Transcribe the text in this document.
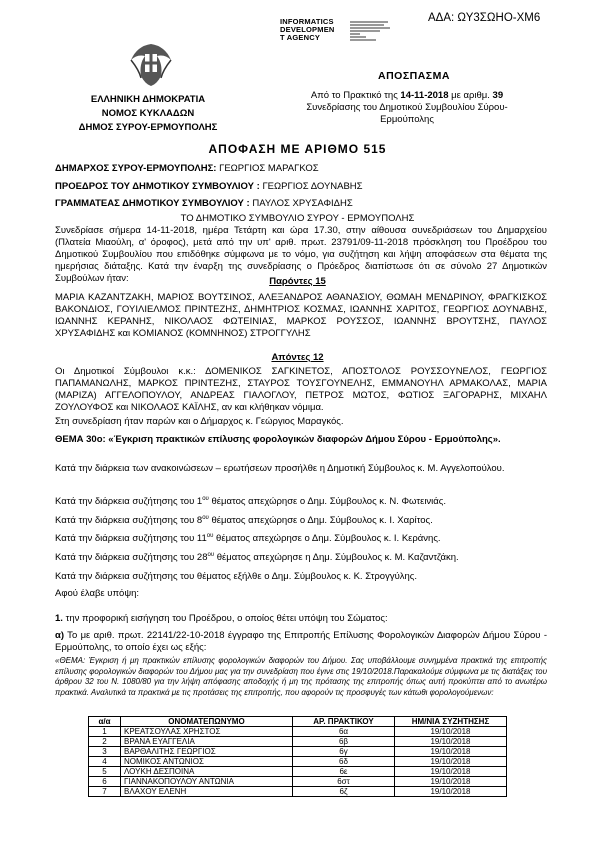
ΑΔΑ: ΩΥ3ΣΩΗΟ-ΧΜ6
ΕΛΛΗΝΙΚΗ ΔΗΜΟΚΡΑΤΙΑ
ΝΟΜΟΣ ΚΥΚΛΑΔΩΝ
ΔΗΜΟΣ ΣΥΡΟΥ-ΕΡΜΟΥΠΟΛΗΣ
INFORMATICS
DEVELOPMEN
T AGENCY
ΑΠΟΣΠΑΣΜΑ
Από το Πρακτικό της 14-11-2018 με αριθμ. 39
Συνεδρίασης του Δημοτικού Συμβουλίου Σύρου-
Ερμούπολης
ΑΠΟΦΑΣΗ ΜΕ ΑΡΙΘΜΟ 515
ΔΗΜΑΡΧΟΣ ΣΥΡΟΥ-ΕΡΜΟΥΠΟΛΗΣ: ΓΕΩΡΓΙΟΣ ΜΑΡΑΓΚΟΣ
ΠΡΟΕΔΡΟΣ ΤΟΥ ΔΗΜΟΤΙΚΟΥ ΣΥΜΒΟΥΛΙΟΥ : ΓΕΩΡΓΙΟΣ ΔΟΥΝΑΒΗΣ
ΓΡΑΜΜΑΤΕΑΣ ΔΗΜΟΤΙΚΟΥ ΣΥΜΒΟΥΛΙΟΥ : ΠΑΥΛΟΣ ΧΡΥΣΑΦΙΔΗΣ
ΤΟ ΔΗΜΟΤΙΚΟ ΣΥΜΒΟΥΛΙΟ ΣΥΡΟΥ - ΕΡΜΟΥΠΟΛΗΣ
Συνεδρίασε σήμερα 14-11-2018, ημέρα Τετάρτη και ώρα 17.30, στην αίθουσα συνεδριάσεων του Δημαρχείου (Πλατεία Μιαούλη, α' όροφος), μετά από την υπ' αριθ. πρωτ. 23791/09-11-2018 πρόσκληση του Προέδρου του Δημοτικού Συμβουλίου που επιδόθηκε σύμφωνα με το νόμο, για συζήτηση και λήψη αποφάσεων στα θέματα της ημερήσιας διάταξης. Κατά την έναρξη της συνεδρίασης ο Πρόεδρος διαπίστωσε ότι σε σύνολο 27 Δημοτικών Συμβούλων ήταν:	Παρόντες 15
ΜΑΡΙΑ ΚΑΖΑΝΤΖΑΚΗ, ΜΑΡΙΟΣ ΒΟΥΤΣΙΝΟΣ, ΑΛΕΞΑΝΔΡΟΣ ΑΘΑΝΑΣΙΟΥ, ΘΩΜΑΗ ΜΕΝΔΡΙΝΟΥ, ΦΡΑΓΚΙΣΚΟΣ ΒΑΚΟΝΔΙΟΣ, ΓΟΥΙΛΙΕΛΜΟΣ ΠΡΙΝΤΕΖΗΣ, ΔΗΜΗΤΡΙΟΣ ΚΟΣΜΑΣ, ΙΩΑΝΝΗΣ ΧΑΡΙΤΟΣ, ΓΕΩΡΓΙΟΣ ΔΟΥΝΑΒΗΣ, ΙΩΑΝΝΗΣ ΚΕΡΑΝΗΣ, ΝΙΚΟΛΑΟΣ ΦΩΤΕΙΝΙΑΣ, ΜΑΡΚΟΣ ΡΟΥΣΣΟΣ, ΙΩΑΝΝΗΣ ΒΡΟΥΤΣΗΣ, ΠΑΥΛΟΣ ΧΡΥΣΑΦΙΔΗΣ και ΚΟΜΙΑΝΟΣ (ΚΟΜΝΗΝΟΣ) ΣΤΡΟΓΓΥΛΗΣ
Απόντες 12
Οι Δημοτικοί Σύμβουλοι κ.κ.: ΔΟΜΕΝΙΚΟΣ ΣΑΓΚΙΝΕΤΟΣ, ΑΠΟΣΤΟΛΟΣ ΡΟΥΣΣΟΥΝΕΛΟΣ, ΓΕΩΡΓΙΟΣ ΠΑΠΑΜΑΝΩΛΗΣ, ΜΑΡΚΟΣ ΠΡΙΝΤΕΖΗΣ, ΣΤΑΥΡΟΣ ΤΟΥΣΓΟΥΝΕΛΗΣ, ΕΜΜΑΝΟΥΗΛ ΑΡΜΑΚΟΛΑΣ, ΜΑΡΙΑ (ΜΑΡΙΖΑ) ΑΓΓΕΛΟΠΟΥΛΟΥ, ΑΝΔΡΕΑΣ ΓΙΑΛΟΓΛΟΥ, ΠΕΤΡΟΣ ΜΩΤΟΣ, ΦΩΤΙΟΣ ΞΑΓΟΡΑΡΗΣ, ΜΙΧΑΗΛ ΖΟΥΛΟΥΦΟΣ και ΝΙΚΟΛΑΟΣ ΚΑΪΛΗΣ, αν και κλήθηκαν νόμιμα.
Στη συνεδρίαση ήταν παρών και ο Δήμαρχος κ. Γεώργιος Μαραγκός.
ΘΕΜΑ 30ο: «Έγκριση πρακτικών επίλυσης φορολογικών διαφορών Δήμου Σύρου - Ερμούπολης».
Κατά την διάρκεια των ανακοινώσεων – ερωτήσεων προσήλθε η Δημοτική Σύμβουλος κ. Μ. Αγγελοπούλου.
Κατά την διάρκεια συζήτησης του $1^{o\upsilon}$ θέματος απεχώρησε ο Δημ. Σύμβουλος κ. Ν. Φωτεινιάς.
Κατά την διάρκεια συζήτησης του $8^{o\upsilon}$ θέματος απεχώρησε ο Δημ. Σύμβουλος κ. Ι. Χαρίτος.
Κατά την διάρκεια συζήτησης του $11^{o\upsilon}$ θέματος απεχώρησε ο Δημ. Σύμβουλος κ. Ι. Κεράνης.
Κατά την διάρκεια συζήτησης του $28^{o\upsilon}$ θέματος απεχώρησε η Δημ. Σύμβουλος κ. Μ. Καζαντζάκη.
Κατά την διάρκεια συζήτησης του θέματος εξήλθε ο Δημ. Σύμβουλος κ. Κ. Στρογγύλης.
Αφού έλαβε υπόψη:
1. την προφορική εισήγηση του Προέδρου, ο οποίος θέτει υπόψη του Σώματος:
α) Το με αριθ. πρωτ. 22141/22-10-2018 έγγραφο της Επιτροπής Επίλυσης Φορολογικών Διαφορών Δήμου Σύρου - Ερμούπολης, το οποίο έχει ως εξής:
«ΘΕΜΑ: Έγκριση ή μη πρακτικών επίλυσης φορολογικών διαφορών του Δήμου. Σας υποβάλλουμε συνημμένα πρακτικά της επιτροπής επίλυσης φορολογικών διαφορών του Δήμου μας για την συνεδρίαση που έγινε στις 19/10/2018.Παρακαλούμε σύμφωνα με τις διατάξεις του άρθρου 32 του Ν. 1080/80 για την λήψη απόφασης αποδοχής ή μη της πρότασης της επιτροπής όπως αυτή προκύπτει από το ανωτέρω πρακτικά. Αναλυτικά τα πρακτικά με τις προτάσεις της επιτροπής, που αφορούν τις προσφυγές των κάτωθι φορολογούμενων:
α/α	ΟΝΟΜΑΤΕΠΩΝΥΜΟ	ΑΡ. ΠΡΑΚΤΙΚΟΥ	ΗΜ/ΝΙΑ ΣΥΖΗΤΗΣΗΣ
1	ΚΡΕΑΤΣΟΥΛΑΣ ΧΡΗΣΤΟΣ	6α	19/10/2018
2	ΒΡΑΝΑ ΕΥΑΓΓΕΛΙΑ	6β	19/10/2018
3	ΒΑΡΘΑΛΙΤΗΣ ΓΕΩΡΓΙΟΣ	6γ	19/10/2018
4	ΝΟΜΙΚΟΣ ΑΝΤΩΝΙΟΣ	6δ	19/10/2018
5	ΛΟΥΚΗ ΔΕΣΠΟΙΝΑ	6ε	19/10/2018
6	ΓΙΑΝΝΑΚΟΠΟΥΛΟΥ ΑΝΤΩΝΙΑ	6στ	19/10/2018
7	ΒΛΑΧΟΥ ΕΛΕΝΗ	6ζ	19/10/2018
